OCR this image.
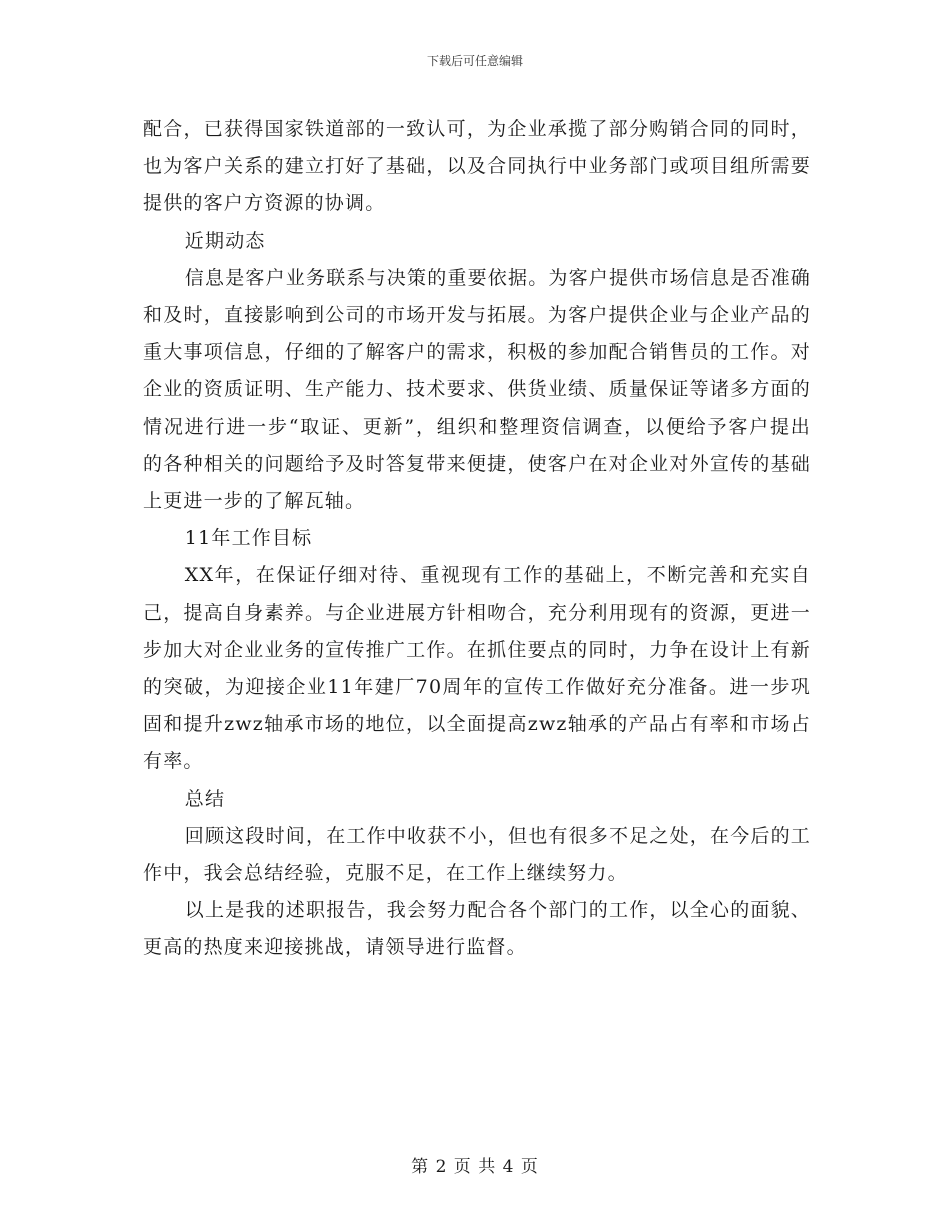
下载后可任意编辑

配合，已获得国家铁道部的一致认可，为企业承揽了部分购销合同的同时，也为客户关系的建立打好了基础，以及合同执行中业务部门或项目组所需要提供的客户方资源的协调。

近期动态

信息是客户业务联系与决策的重要依据。为客户提供市场信息是否准确和及时，直接影响到公司的市场开发与拓展。为客户提供企业与企业产品的重大事项信息，仔细的了解客户的需求，积极的参加配合销售员的工作。对企业的资质证明、生产能力、技术要求、供货业绩、质量保证等诸多方面的情况进行进一步“取证、更新”，组织和整理资信调查，以便给予客户提出的各种相关的问题给予及时答复带来便捷，使客户在对企业对外宣传的基础上更进一步的了解瓦轴。

11年工作目标

XX年，在保证仔细对待、重视现有工作的基础上，不断完善和充实自己，提高自身素养。与企业进展方针相吻合，充分利用现有的资源，更进一步加大对企业业务的宣传推广工作。在抓住要点的同时，力争在设计上有新的突破，为迎接企业11年建厂70周年的宣传工作做好充分准备。进一步巩固和提升zwz轴承市场的地位，以全面提高zwz轴承的产品占有率和市场占有率。

总结

回顾这段时间，在工作中收获不小，但也有很多不足之处，在今后的工作中，我会总结经验，克服不足，在工作上继续努力。

以上是我的述职报告，我会努力配合各个部门的工作，以全心的面貌、更高的热度来迎接挑战，请领导进行监督。

第 2 页 共 4 页
